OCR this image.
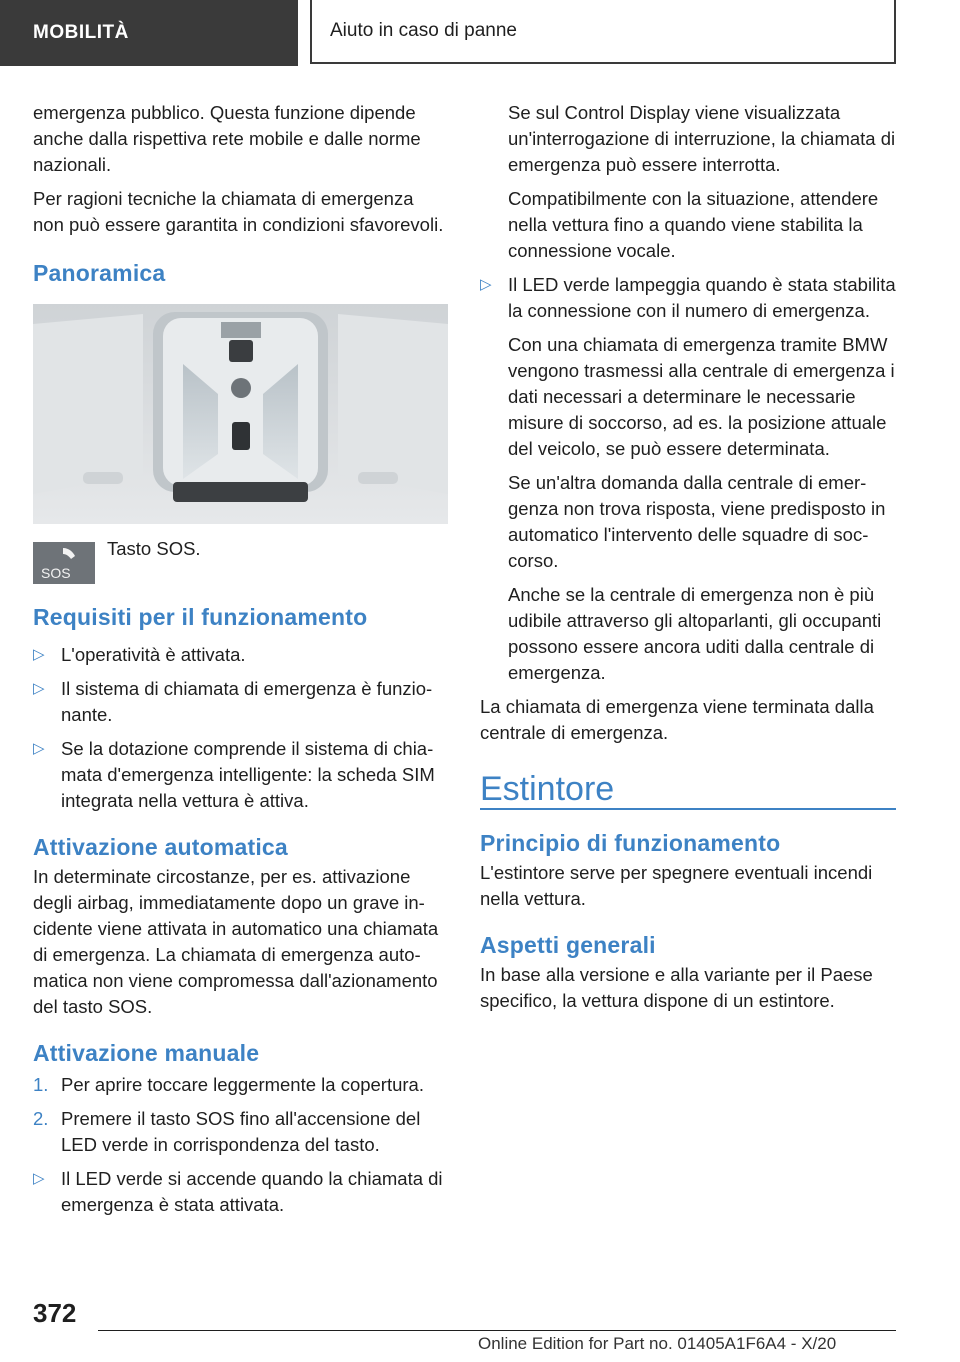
MOBILITÀ	Aiuto in caso di panne

emergenza pubblico. Questa funzione dipende anche dalla rispettiva rete mobile e dalle norme nazionali.

Per ragioni tecniche la chiamata di emergenza non può essere garantita in condizioni sfavorevoli.

Panoramica
SOS
Tasto SOS.
Requisiti per il funzionamento
▷ L'operatività è attivata.
▷ Il sistema di chiamata di emergenza è funzionante.
▷ Se la dotazione comprende il sistema di chiamata d'emergenza intelligente: la scheda SIM integrata nella vettura è attiva.
Attivazione automatica

In determinate circostanze, per es. attivazione degli airbag, immediatamente dopo un grave incidente viene attivata in automatico una chiamata di emergenza. La chiamata di emergenza automatica non viene compromessa dall'azionamento del tasto SOS.

Attivazione manuale
1. Per aprire toccare leggermente la copertura.
2. Premere il tasto SOS fino all'accensione del LED verde in corrispondenza del tasto.
▷ Il LED verde si accende quando la chiamata di emergenza è stata attivata.

Se sul Control Display viene visualizzata un'interrogazione di interruzione, la chiamata di emergenza può essere interrotta.

Compatibilmente con la situazione, attendere nella vettura fino a quando viene stabilita la connessione vocale.

▷ Il LED verde lampeggia quando è stata stabilita la connessione con il numero di emergenza.

Con una chiamata di emergenza tramite BMW vengono trasmessi alla centrale di emergenza i dati necessari a determinare le necessarie misure di soccorso, ad es. la posizione attuale del veicolo, se può essere determinata.

Se un'altra domanda dalla centrale di emergenza non trova risposta, viene predisposto in automatico l'intervento delle squadre di soccorso.

Anche se la centrale di emergenza non è più udibile attraverso gli altoparlanti, gli occupanti possono essere ancora uditi dalla centrale di emergenza.

La chiamata di emergenza viene terminata dalla centrale di emergenza.

Estintore
Principio di funzionamento

L'estintore serve per spegnere eventuali incendi nella vettura.

Aspetti generali

In base alla versione e alla variante per il Paese specifico, la vettura dispone di un estintore.

372
Online Edition for Part no. 01405A1F6A4 - X/20
